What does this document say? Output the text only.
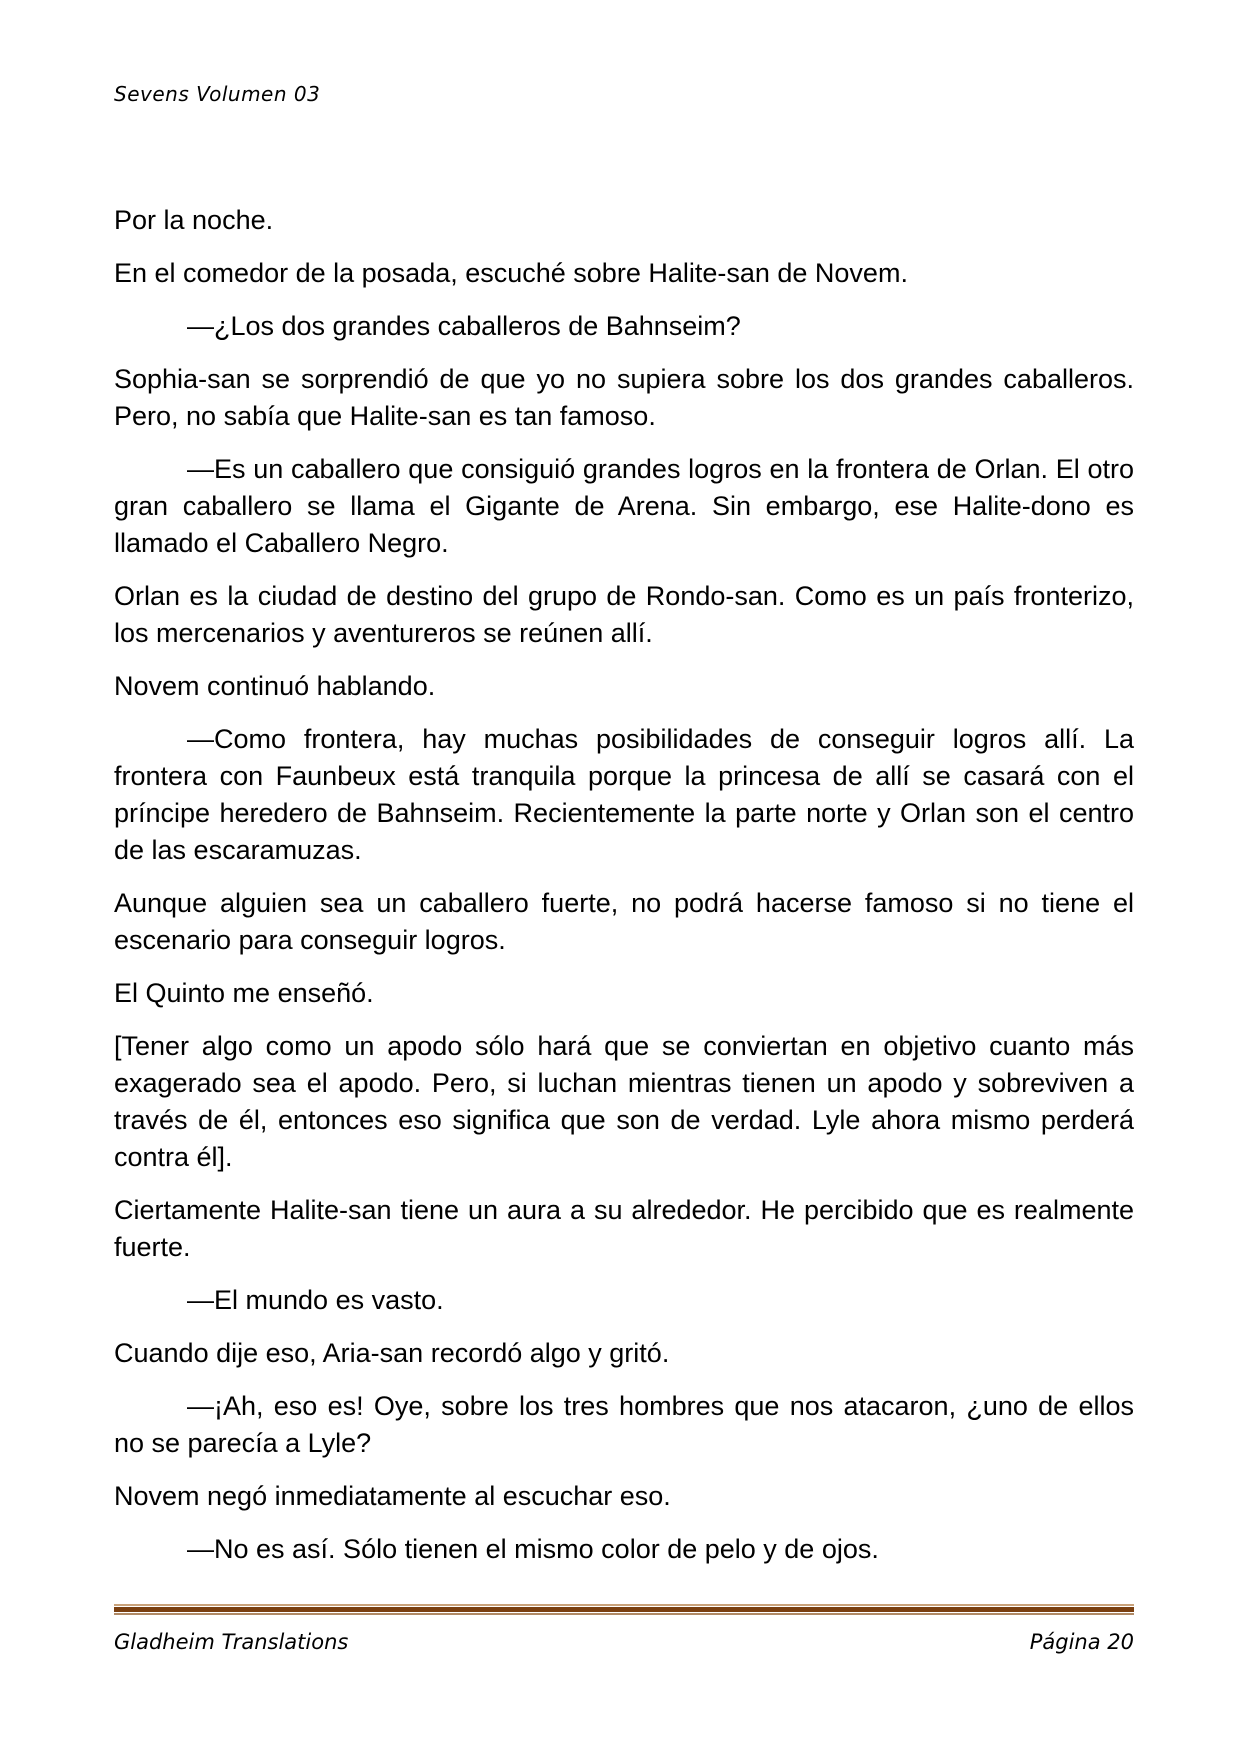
Sevens Volumen 03

Por la noche.

En el comedor de la posada, escuché sobre Halite-san de Novem.

—¿Los dos grandes caballeros de Bahnseim?

Sophia-san se sorprendió de que yo no supiera sobre los dos grandes caballeros. Pero, no sabía que Halite-san es tan famoso.

—Es un caballero que consiguió grandes logros en la frontera de Orlan. El otro gran caballero se llama el Gigante de Arena. Sin embargo, ese Halite-dono es llamado el Caballero Negro.

Orlan es la ciudad de destino del grupo de Rondo-san. Como es un país fronterizo, los mercenarios y aventureros se reúnen allí.

Novem continuó hablando.

—Como frontera, hay muchas posibilidades de conseguir logros allí. La frontera con Faunbeux está tranquila porque la princesa de allí se casará con el príncipe heredero de Bahnseim. Recientemente la parte norte y Orlan son el centro de las escaramuzas.

Aunque alguien sea un caballero fuerte, no podrá hacerse famoso si no tiene el escenario para conseguir logros.

El Quinto me enseñó.

[Tener algo como un apodo sólo hará que se conviertan en objetivo cuanto más exagerado sea el apodo. Pero, si luchan mientras tienen un apodo y sobreviven a través de él, entonces eso significa que son de verdad. Lyle ahora mismo perderá contra él].

Ciertamente Halite-san tiene un aura a su alrededor. He percibido que es realmente fuerte.

—El mundo es vasto.

Cuando dije eso, Aria-san recordó algo y gritó.

—¡Ah, eso es! Oye, sobre los tres hombres que nos atacaron, ¿uno de ellos no se parecía a Lyle?

Novem negó inmediatamente al escuchar eso.

—No es así. Sólo tienen el mismo color de pelo y de ojos.

Gladheim Translations	Página 20
